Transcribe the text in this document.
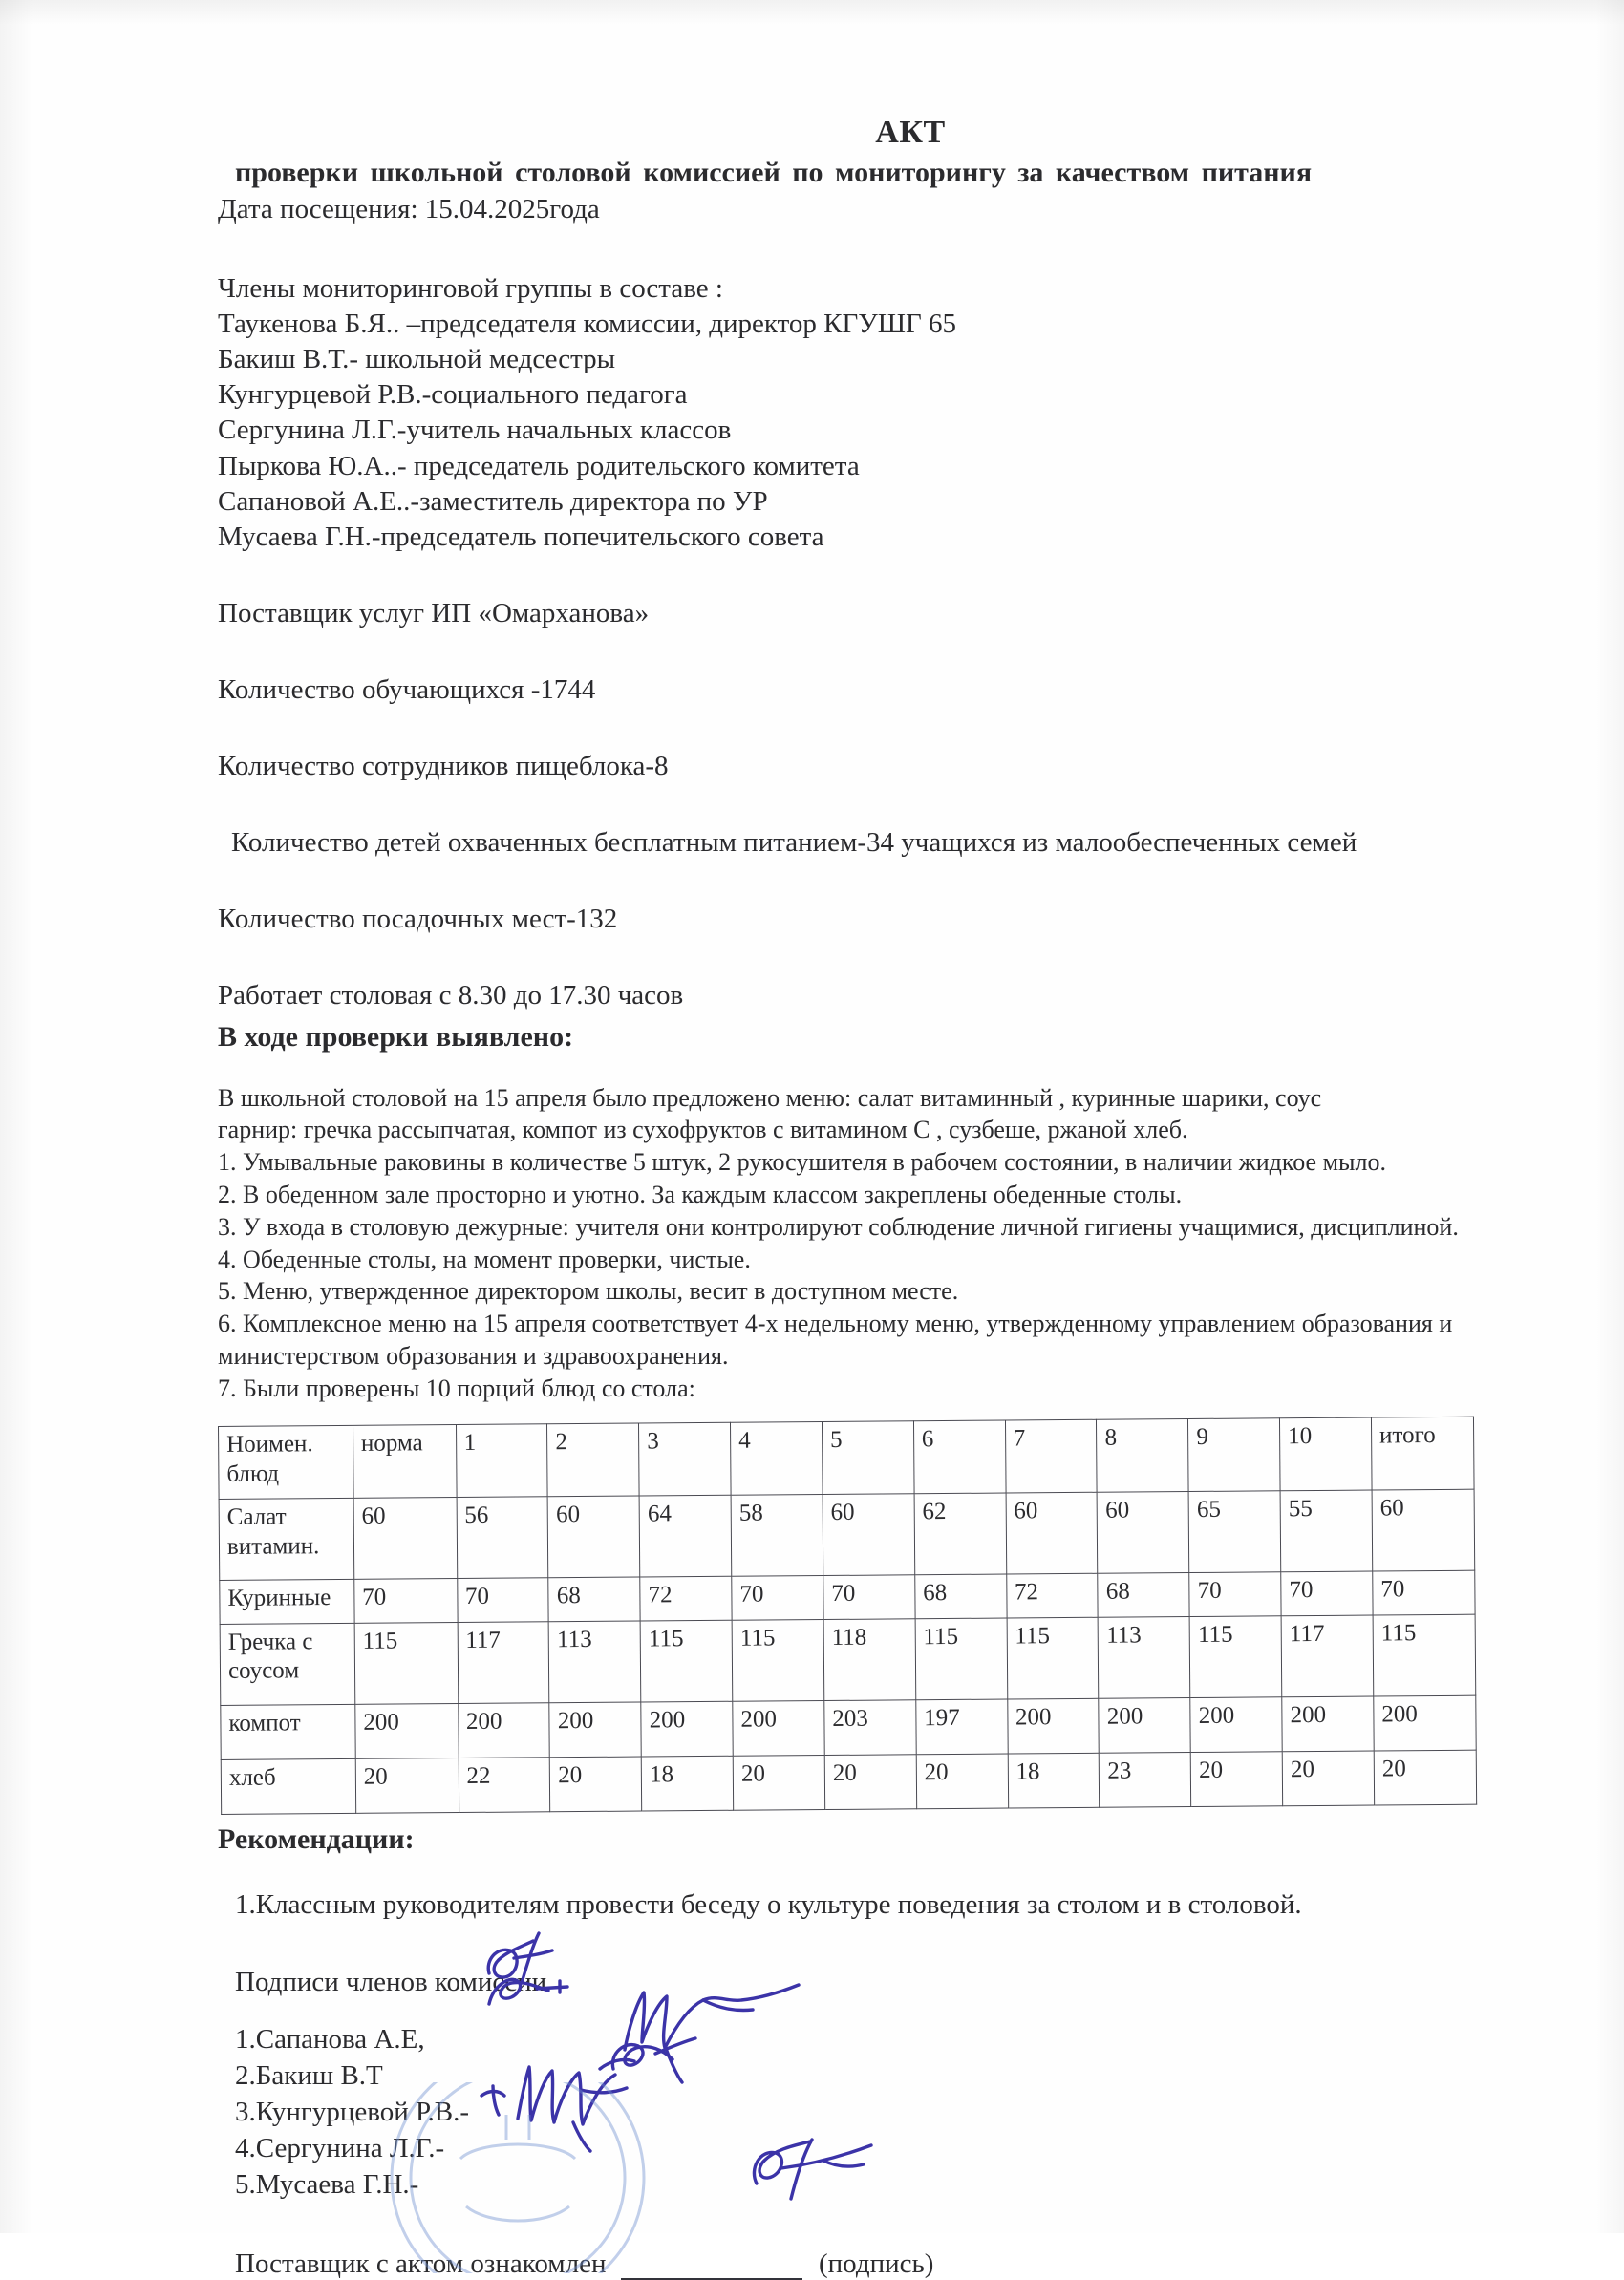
АКТ
проверки школьной столовой комиссией по мониторингу за качеством питания
Дата посещения: 15.04.2025года
Члены мониторинговой группы в составе :
Таукенова Б.Я.. –председателя комиссии, директор КГУШГ 65
Бакиш В.Т.- школьной медсестры
Кунгурцевой Р.В.-социального педагога
Сергунина Л.Г.-учитель начальных классов
Пыркова Ю.А..- председатель родительского комитета
Сапановой А.Е..-заместитель директора по УР
Мусаева Г.Н.-председатель попечительского совета
Поставщик услуг ИП «Омарханова»
Количество обучающихся -1744
Количество сотрудников пищеблока-8
Количество детей охваченных бесплатным питанием-34 учащихся из малообеспеченных семей
Количество посадочных мест-132
Работает столовая с 8.30 до 17.30 часов
В ходе проверки выявлено:
В школьной столовой на 15 апреля было предложено меню: салат витаминный , куринные шарики, соус
гарнир: гречка рассыпчатая, компот из сухофруктов с витамином С , сузбеше, ржаной хлеб.
1. Умывальные раковины в количестве 5 штук, 2 рукосушителя в рабочем состоянии, в наличии жидкое мыло.
2. В обеденном зале просторно и уютно. За каждым классом закреплены обеденные столы.
3. У входа в столовую дежурные: учителя они контролируют соблюдение личной гигиены учащимися, дисциплиной.
4. Обеденные столы, на момент проверки, чистые.
5. Меню, утвержденное директором школы, весит в доступном месте.
6. Комплексное меню на 15 апреля соответствует 4-х недельному меню, утвержденному управлением образования и министерством образования и здравоохранения.
7. Были проверены 10 порций блюд со стола:
Ноимен. блюд	норма	1	2	3	4	5	6	7	8	9	10	итого
Салат витамин.	60	56	60	64	58	60	62	60	60	65	55	60
Куринные	70	70	68	72	70	70	68	72	68	70	70	70
Гречка с соусом	115	117	113	115	115	118	115	115	113	115	117	115
компот	200	200	200	200	200	203	197	200	200	200	200	200
хлеб	20	22	20	18	20	20	20	18	23	20	20	20
Рекомендации:
1.Классным руководителям провести беседу о культуре поведения за столом и в столовой.
Подписи членов комиссии
1.Сапанова А.Е,
2.Бакиш В.Т
3.Кунгурцевой Р.В.-
4.Сергунина Л.Г.-
5.Мусаева Г.Н.-
Поставщик с актом ознакомлен	(подпись)
